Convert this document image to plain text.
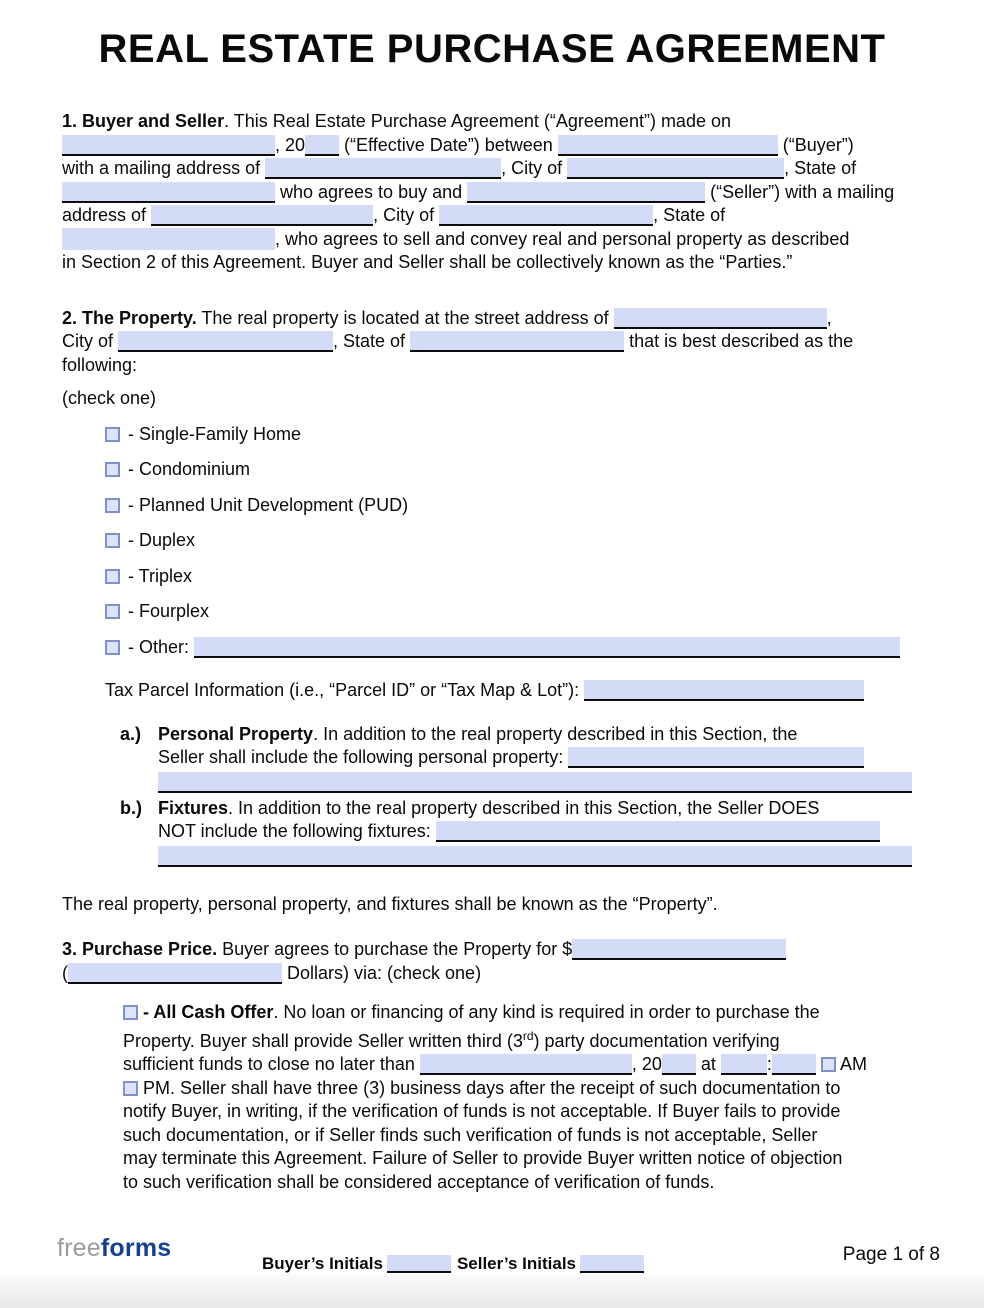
REAL ESTATE PURCHASE AGREEMENT
1. Buyer and Seller. This Real Estate Purchase Agreement (“Agreement”) made on
, 20 (“Effective Date”) between	(“Buyer”)
with a mailing address of	, City of	, State of
who agrees to buy and	(“Seller”) with a mailing
address of	, City of	, State of
, who agrees to sell and convey real and personal property as described
in Section 2 of this Agreement. Buyer and Seller shall be collectively known as the “Parties.”
2. The Property. The real property is located at the street address of	,
City of	, State of	that is best described as the
following:
(check one)
- Single-Family Home
- Condominium
- Planned Unit Development (PUD)
- Duplex
- Triplex
- Fourplex
- Other:
Tax Parcel Information (i.e., “Parcel ID” or “Tax Map & Lot”):
a.) Personal Property. In addition to the real property described in this Section, the
Seller shall include the following personal property:
b.) Fixtures. In addition to the real property described in this Section, the Seller DOES
NOT include the following fixtures:
The real property, personal property, and fixtures shall be known as the “Property”.
3. Purchase Price. Buyer agrees to purchase the Property for $
(	Dollars) via: (check one)
- All Cash Offer. No loan or financing of any kind is required in order to purchase the
Property. Buyer shall provide Seller written third (3rd) party documentation verifying
sufficient funds to close no later than	, 20 at	:	AM
PM. Seller shall have three (3) business days after the receipt of such documentation to
notify Buyer, in writing, if the verification of funds is not acceptable. If Buyer fails to provide
such documentation, or if Seller finds such verification of funds is not acceptable, Seller
may terminate this Agreement. Failure of Seller to provide Buyer written notice of objection
to such verification shall be considered acceptance of verification of funds.
freeforms
Buyer’s Initials	Seller’s Initials	Page 1 of 8
